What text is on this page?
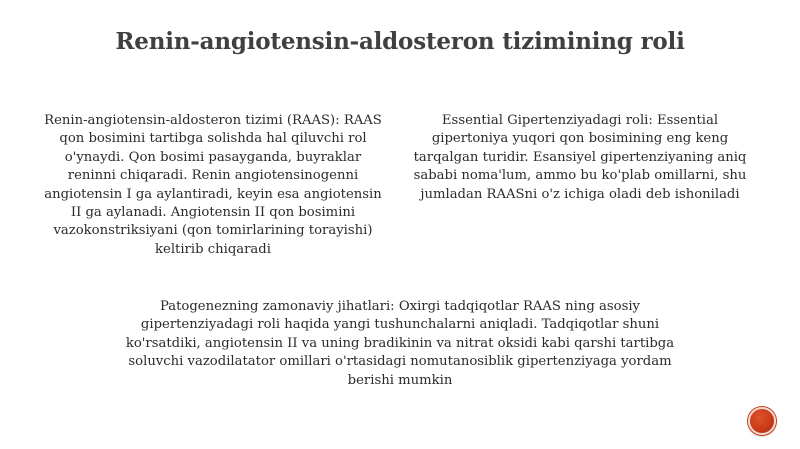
Renin-angiotensin-aldosteron tizimining roli

Renin-angiotensin-aldosteron tizimi (RAAS): RAAS qon bosimini tartibga solishda hal qiluvchi rol o'ynaydi. Qon bosimi pasayganda, buyraklar reninni chiqaradi. Renin angiotensinogenni angiotensin I ga aylantiradi, keyin esa angiotensin II ga aylanadi. Angiotensin II qon bosimini vazokonstriksiyani (qon tomirlarining torayishi) keltirib chiqaradi

Essential Gipertenziyadagi roli: Essential gipertoniya yuqori qon bosimining eng keng tarqalgan turidir. Esansiyel gipertenziyaning aniq sababi noma'lum, ammo bu ko'plab omillarni, shu jumladan RAASni o'z ichiga oladi deb ishoniladi

Patogenezning zamonaviy jihatlari: Oxirgi tadqiqotlar RAAS ning asosiy gipertenziyadagi roli haqida yangi tushunchalarni aniqladi. Tadqiqotlar shuni ko'rsatdiki, angiotensin II va uning bradikinin va nitrat oksidi kabi qarshi tartibga soluvchi vazodilatator omillari o'rtasidagi nomutanosiblik gipertenziyaga yordam berishi mumkin
